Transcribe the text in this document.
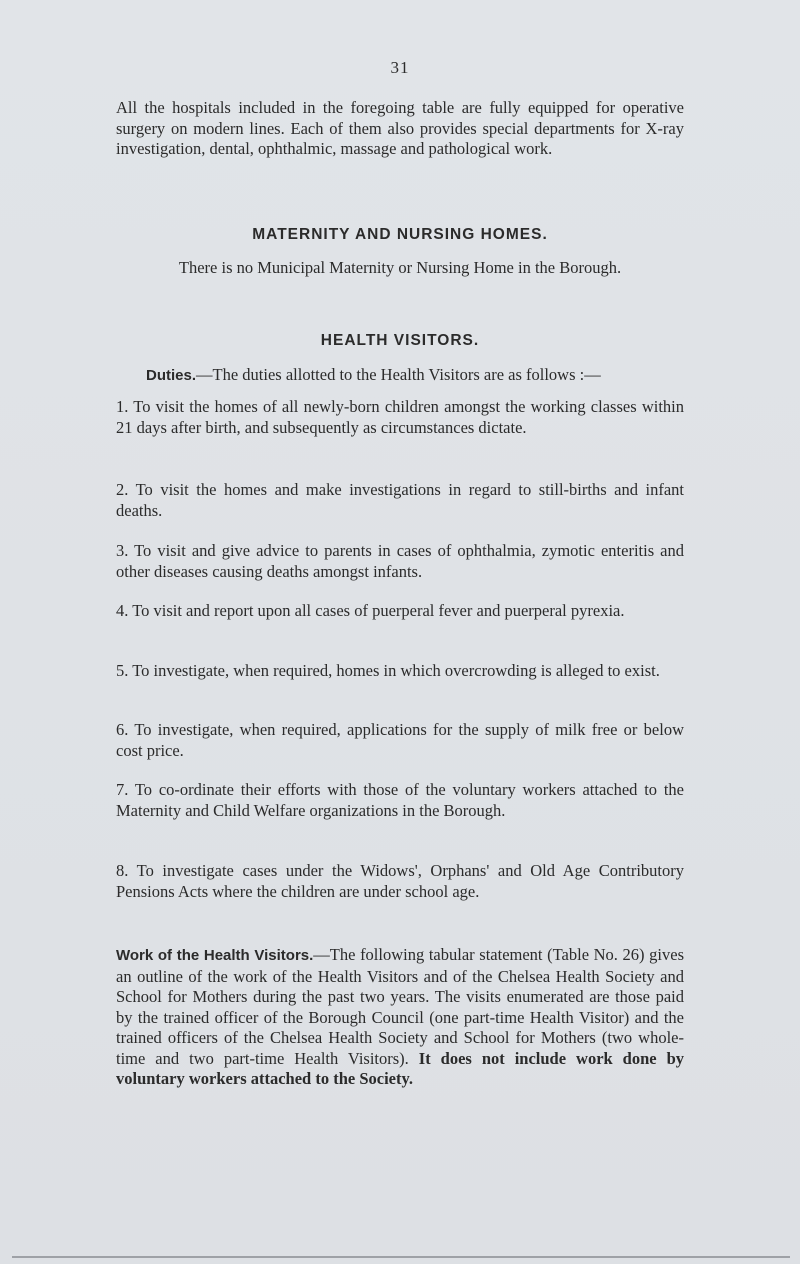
31
All the hospitals included in the foregoing table are fully equipped for operative surgery on modern lines. Each of them also provides special departments for X-ray investigation, dental, ophthalmic, massage and pathological work.
MATERNITY AND NURSING HOMES.
There is no Municipal Maternity or Nursing Home in the Borough.
HEALTH VISITORS.
Duties.—The duties allotted to the Health Visitors are as follows :—
1. To visit the homes of all newly-born children amongst the working classes within 21 days after birth, and subsequently as circumstances dictate.
2. To visit the homes and make investigations in regard to still-births and infant deaths.
3. To visit and give advice to parents in cases of ophthalmia, zymotic enteritis and other diseases causing deaths amongst infants.
4. To visit and report upon all cases of puerperal fever and puerperal pyrexia.
5. To investigate, when required, homes in which overcrowding is alleged to exist.
6. To investigate, when required, applications for the supply of milk free or below cost price.
7. To co-ordinate their efforts with those of the voluntary workers attached to the Maternity and Child Welfare organizations in the Borough.
8. To investigate cases under the Widows', Orphans' and Old Age Contributory Pensions Acts where the children are under school age.
Work of the Health Visitors.—The following tabular statement (Table No. 26) gives an outline of the work of the Health Visitors and of the Chelsea Health Society and School for Mothers during the past two years. The visits enumerated are those paid by the trained officer of the Borough Council (one part-time Health Visitor) and the trained officers of the Chelsea Health Society and School for Mothers (two whole-time and two part-time Health Visitors). It does not include work done by voluntary workers attached to the Society.
